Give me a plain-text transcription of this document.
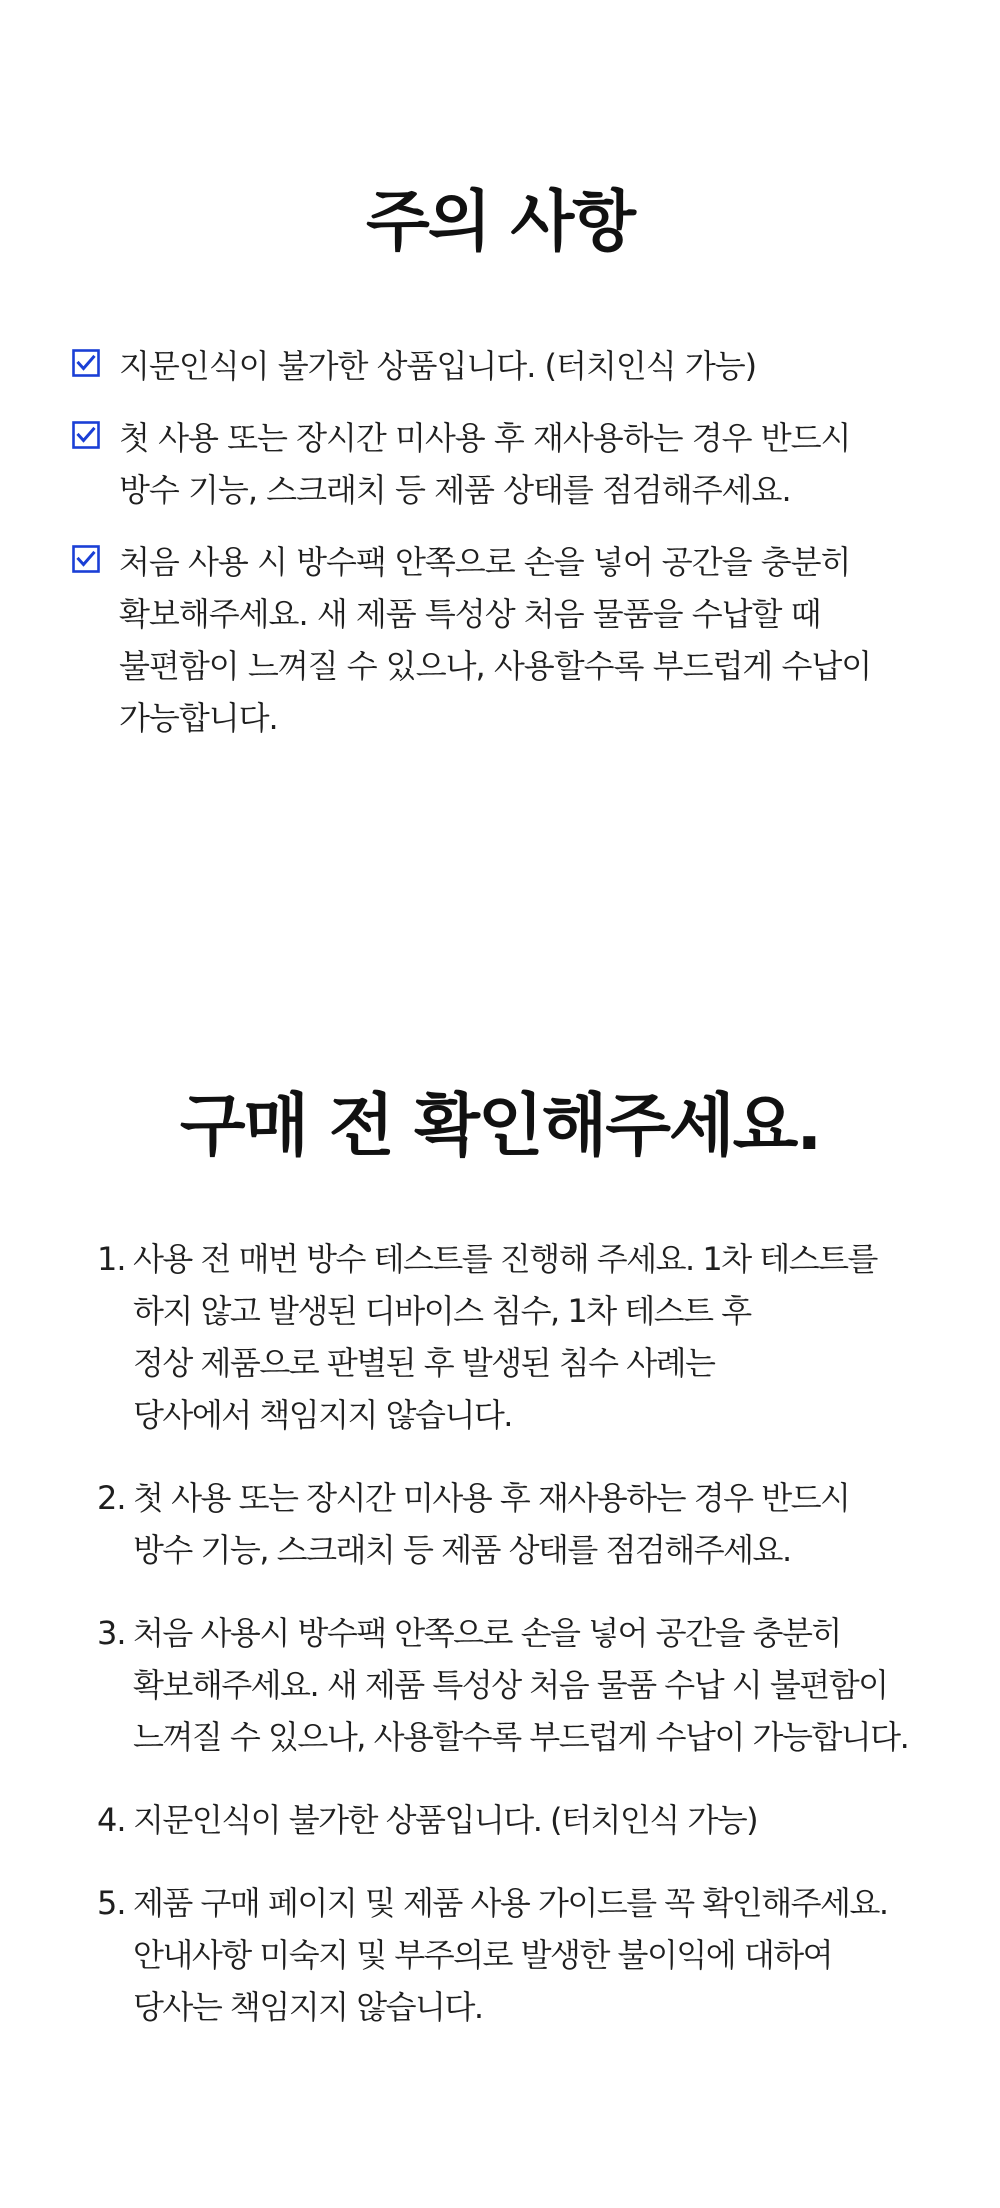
주의 사항
지문인식이 불가한 상품입니다. (터치인식 가능)
첫 사용 또는 장시간 미사용 후 재사용하는 경우 반드시
방수 기능, 스크래치 등 제품 상태를 점검해주세요.
처음 사용 시 방수팩 안쪽으로 손을 넣어 공간을 충분히
확보해주세요. 새 제품 특성상 처음 물품을 수납할 때
불편함이 느껴질 수 있으나, 사용할수록 부드럽게 수납이
가능합니다.
구매 전 확인해주세요.
1. 사용 전 매번 방수 테스트를 진행해 주세요. 1차 테스트를
하지 않고 발생된 디바이스 침수, 1차 테스트 후
정상 제품으로 판별된 후 발생된 침수 사례는
당사에서 책임지지 않습니다.
2. 첫 사용 또는 장시간 미사용 후 재사용하는 경우 반드시
방수 기능, 스크래치 등 제품 상태를 점검해주세요.
3. 처음 사용시 방수팩 안쪽으로 손을 넣어 공간을 충분히
확보해주세요. 새 제품 특성상 처음 물품 수납 시 불편함이
느껴질 수 있으나, 사용할수록 부드럽게 수납이 가능합니다.
4. 지문인식이 불가한 상품입니다. (터치인식 가능)
5. 제품 구매 페이지 및 제품 사용 가이드를 꼭 확인해주세요.
안내사항 미숙지 및 부주의로 발생한 불이익에 대하여
당사는 책임지지 않습니다.
